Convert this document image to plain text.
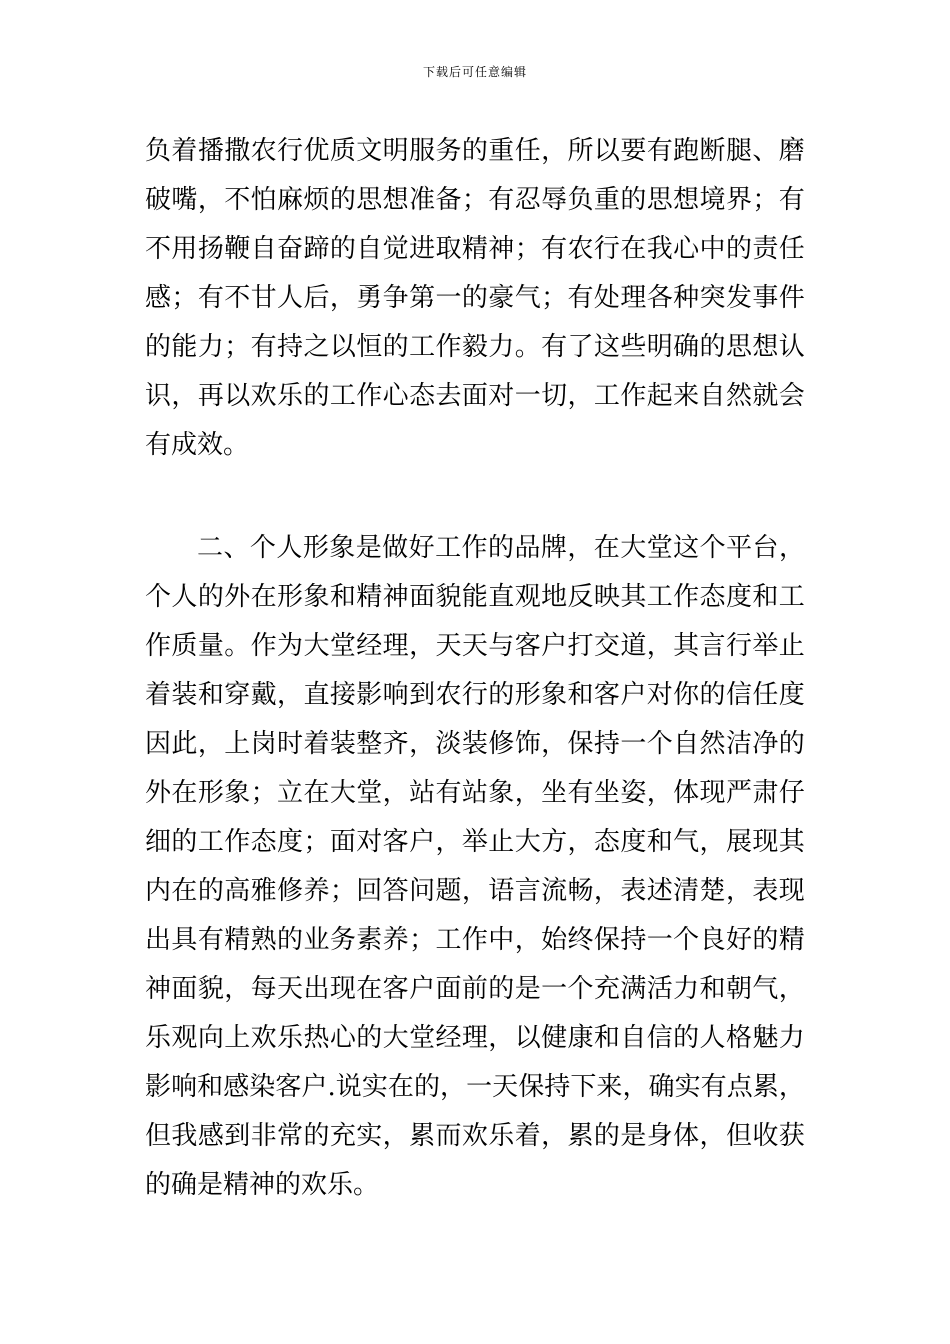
下载后可任意编辑
负 着 播 撒 农 行 优 质 文 明 服 务 的 重 任 ， 所 以 要 有 跑 断 腿 、 磨
破 嘴 ， 不 怕 麻 烦 的 思 想 准 备 ； 有 忍 辱 负 重 的 思 想 境 界 ； 有
不 用 扬 鞭 自 奋 蹄 的 自 觉 进 取 精 神 ； 有 农 行 在 我 心 中 的 责 任
感 ； 有 不 甘 人 后 ， 勇 争 第 一 的 豪 气 ； 有 处 理 各 种 突 发 事 件
的 能 力 ； 有 持 之 以 恒 的 工 作 毅 力 。 有 了 这 些 明 确 的 思 想 认
识 ， 再 以 欢 乐 的 工 作 心 态 去 面 对 一 切 ， 工 作 起 来 自 然 就 会
有成效。
二 、 个 人 形 象 是 做 好 工 作 的 品 牌 ， 在 大 堂 这 个 平 台 ，
个 人 的 外 在 形 象 和 精 神 面 貌 能 直 观 地 反 映 其 工 作 态 度 和 工
作 质 量 。 作 为 大 堂 经 理 ， 天 天 与 客 户 打 交 道 ， 其 言 行 举 止
着 装 和 穿 戴 ， 直 接 影 响 到 农 行 的 形 象 和 客 户 对 你 的 信 任 度
因 此 ， 上 岗 时 着 装 整 齐 ， 淡 装 修 饰 ， 保 持 一 个 自 然 洁 净 的
外 在 形 象 ； 立 在 大 堂 ， 站 有 站 象 ， 坐 有 坐 姿 ， 体 现 严 肃 仔
细 的 工 作 态 度 ； 面 对 客 户 ， 举 止 大 方 ， 态 度 和 气 ， 展 现 其
内 在 的 高 雅 修 养 ； 回 答 问 题 ， 语 言 流 畅 ， 表 述 清 楚 ， 表 现
出 具 有 精 熟 的 业 务 素 养 ； 工 作 中 ， 始 终 保 持 一 个 良 好 的 精
神 面 貌 ， 每 天 出 现 在 客 户 面 前 的 是 一 个 充 满 活 力 和 朝 气 ，
乐 观 向 上 欢 乐 热 心 的 大 堂 经 理 ， 以 健 康 和 自 信 的 人 格 魅 力
影 响 和 感 染 客 户 . 说 实 在 的 ， 一 天 保 持 下 来 ， 确 实 有 点 累 ，
但 我 感 到 非 常 的 充 实 ， 累 而 欢 乐 着 ， 累 的 是 身 体 ， 但 收 获
的确是精神的欢乐。
